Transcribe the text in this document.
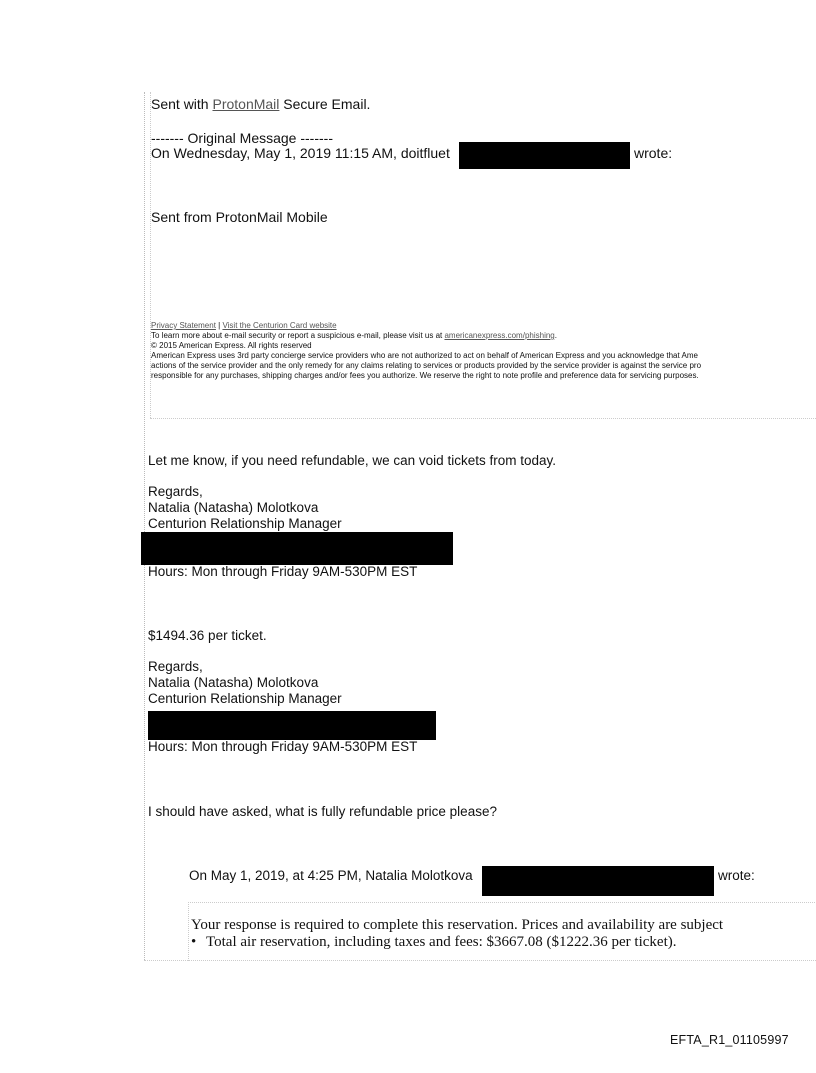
Sent with ProtonMail Secure Email.
------- Original Message -------
On Wednesday, May 1, 2019 11:15 AM, doitfluet	wrote:
Sent from ProtonMail Mobile
Privacy Statement | Visit the Centurion Card website
To learn more about e-mail security or report a suspicious e-mail, please visit us at americanexpress.com/phishing.
© 2015 American Express. All rights reserved
American Express uses 3rd party concierge service providers who are not authorized to act on behalf of American Express and you acknowledge that Ame
actions of the service provider and the only remedy for any claims relating to services or products provided by the service provider is against the service pro
responsible for any purchases, shipping charges and/or fees you authorize. We reserve the right to note profile and preference data for servicing purposes.
Let me know, if you need refundable, we can void tickets from today.
Regards,
Natalia (Natasha) Molotkova
Centurion Relationship Manager
Hours: Mon through Friday 9AM-530PM EST
$1494.36 per ticket.
Regards,
Natalia (Natasha) Molotkova
Centurion Relationship Manager
Hours: Mon through Friday 9AM-530PM EST
I should have asked, what is fully refundable price please?
On May 1, 2019, at 4:25 PM, Natalia Molotkova	wrote:
Your response is required to complete this reservation. Prices and availability are subject
• Total air reservation, including taxes and fees: $3667.08 ($1222.36 per ticket).
EFTA_R1_01105997
